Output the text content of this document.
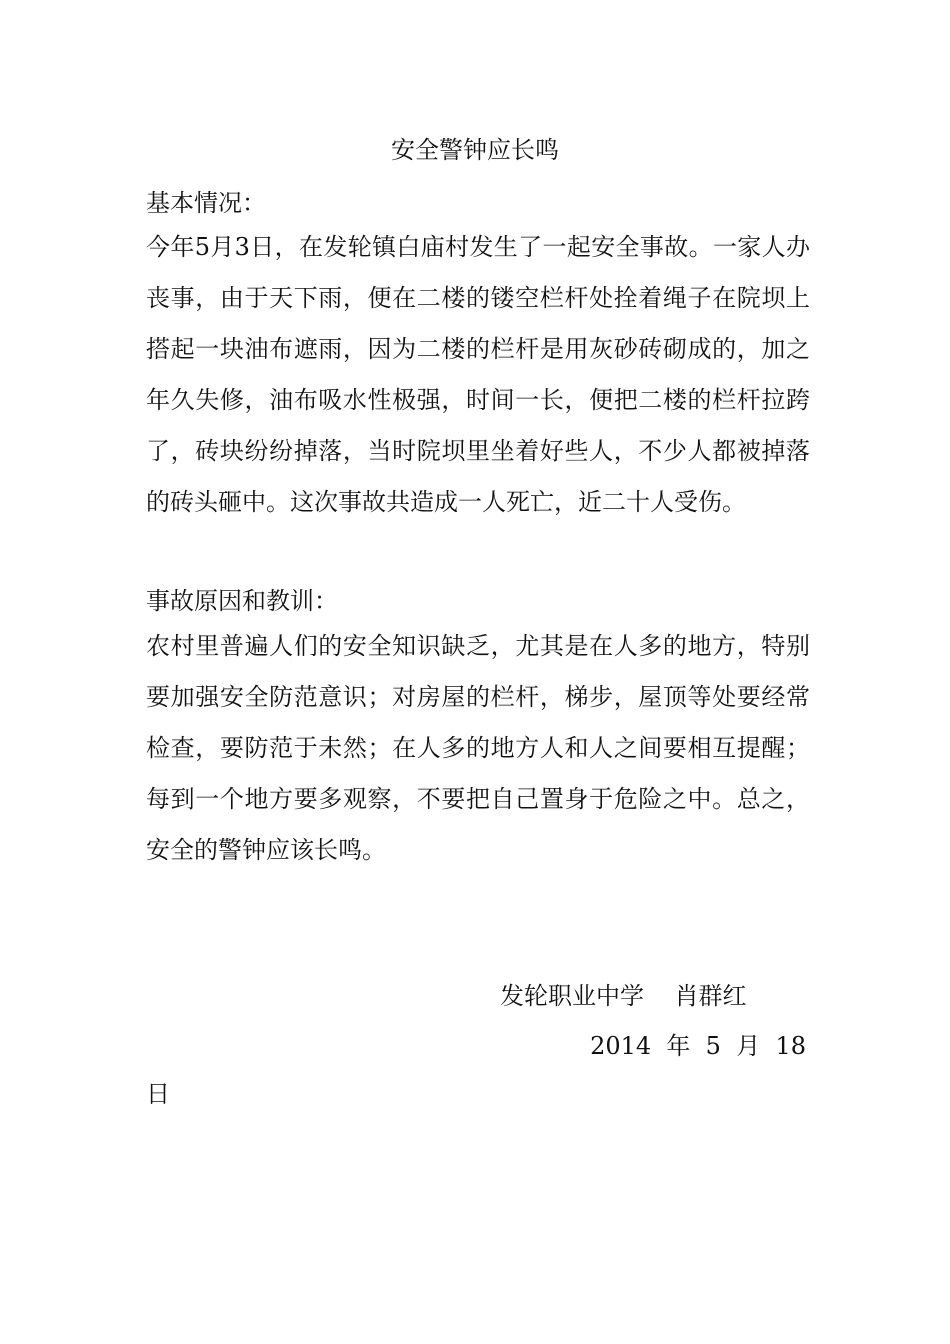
安全警钟应长鸣
基本情况：
今年5月3日，在发轮镇白庙村发生了一起安全事故。一家人办丧事，由于天下雨，便在二楼的镂空栏杆处拴着绳子在院坝上搭起一块油布遮雨，因为二楼的栏杆是用灰砂砖砌成的，加之年久失修，油布吸水性极强，时间一长，便把二楼的栏杆拉跨了，砖块纷纷掉落，当时院坝里坐着好些人，不少人都被掉落的砖头砸中。这次事故共造成一人死亡，近二十人受伤。
事故原因和教训：
农村里普遍人们的安全知识缺乏，尤其是在人多的地方，特别要加强安全防范意识；对房屋的栏杆，梯步，屋顶等处要经常检查，要防范于未然；在人多的地方人和人之间要相互提醒；每到一个地方要多观察，不要把自己置身于危险之中。总之，安全的警钟应该长鸣。
发轮职业中学    肖群红
2014  年  5  月  18
日
